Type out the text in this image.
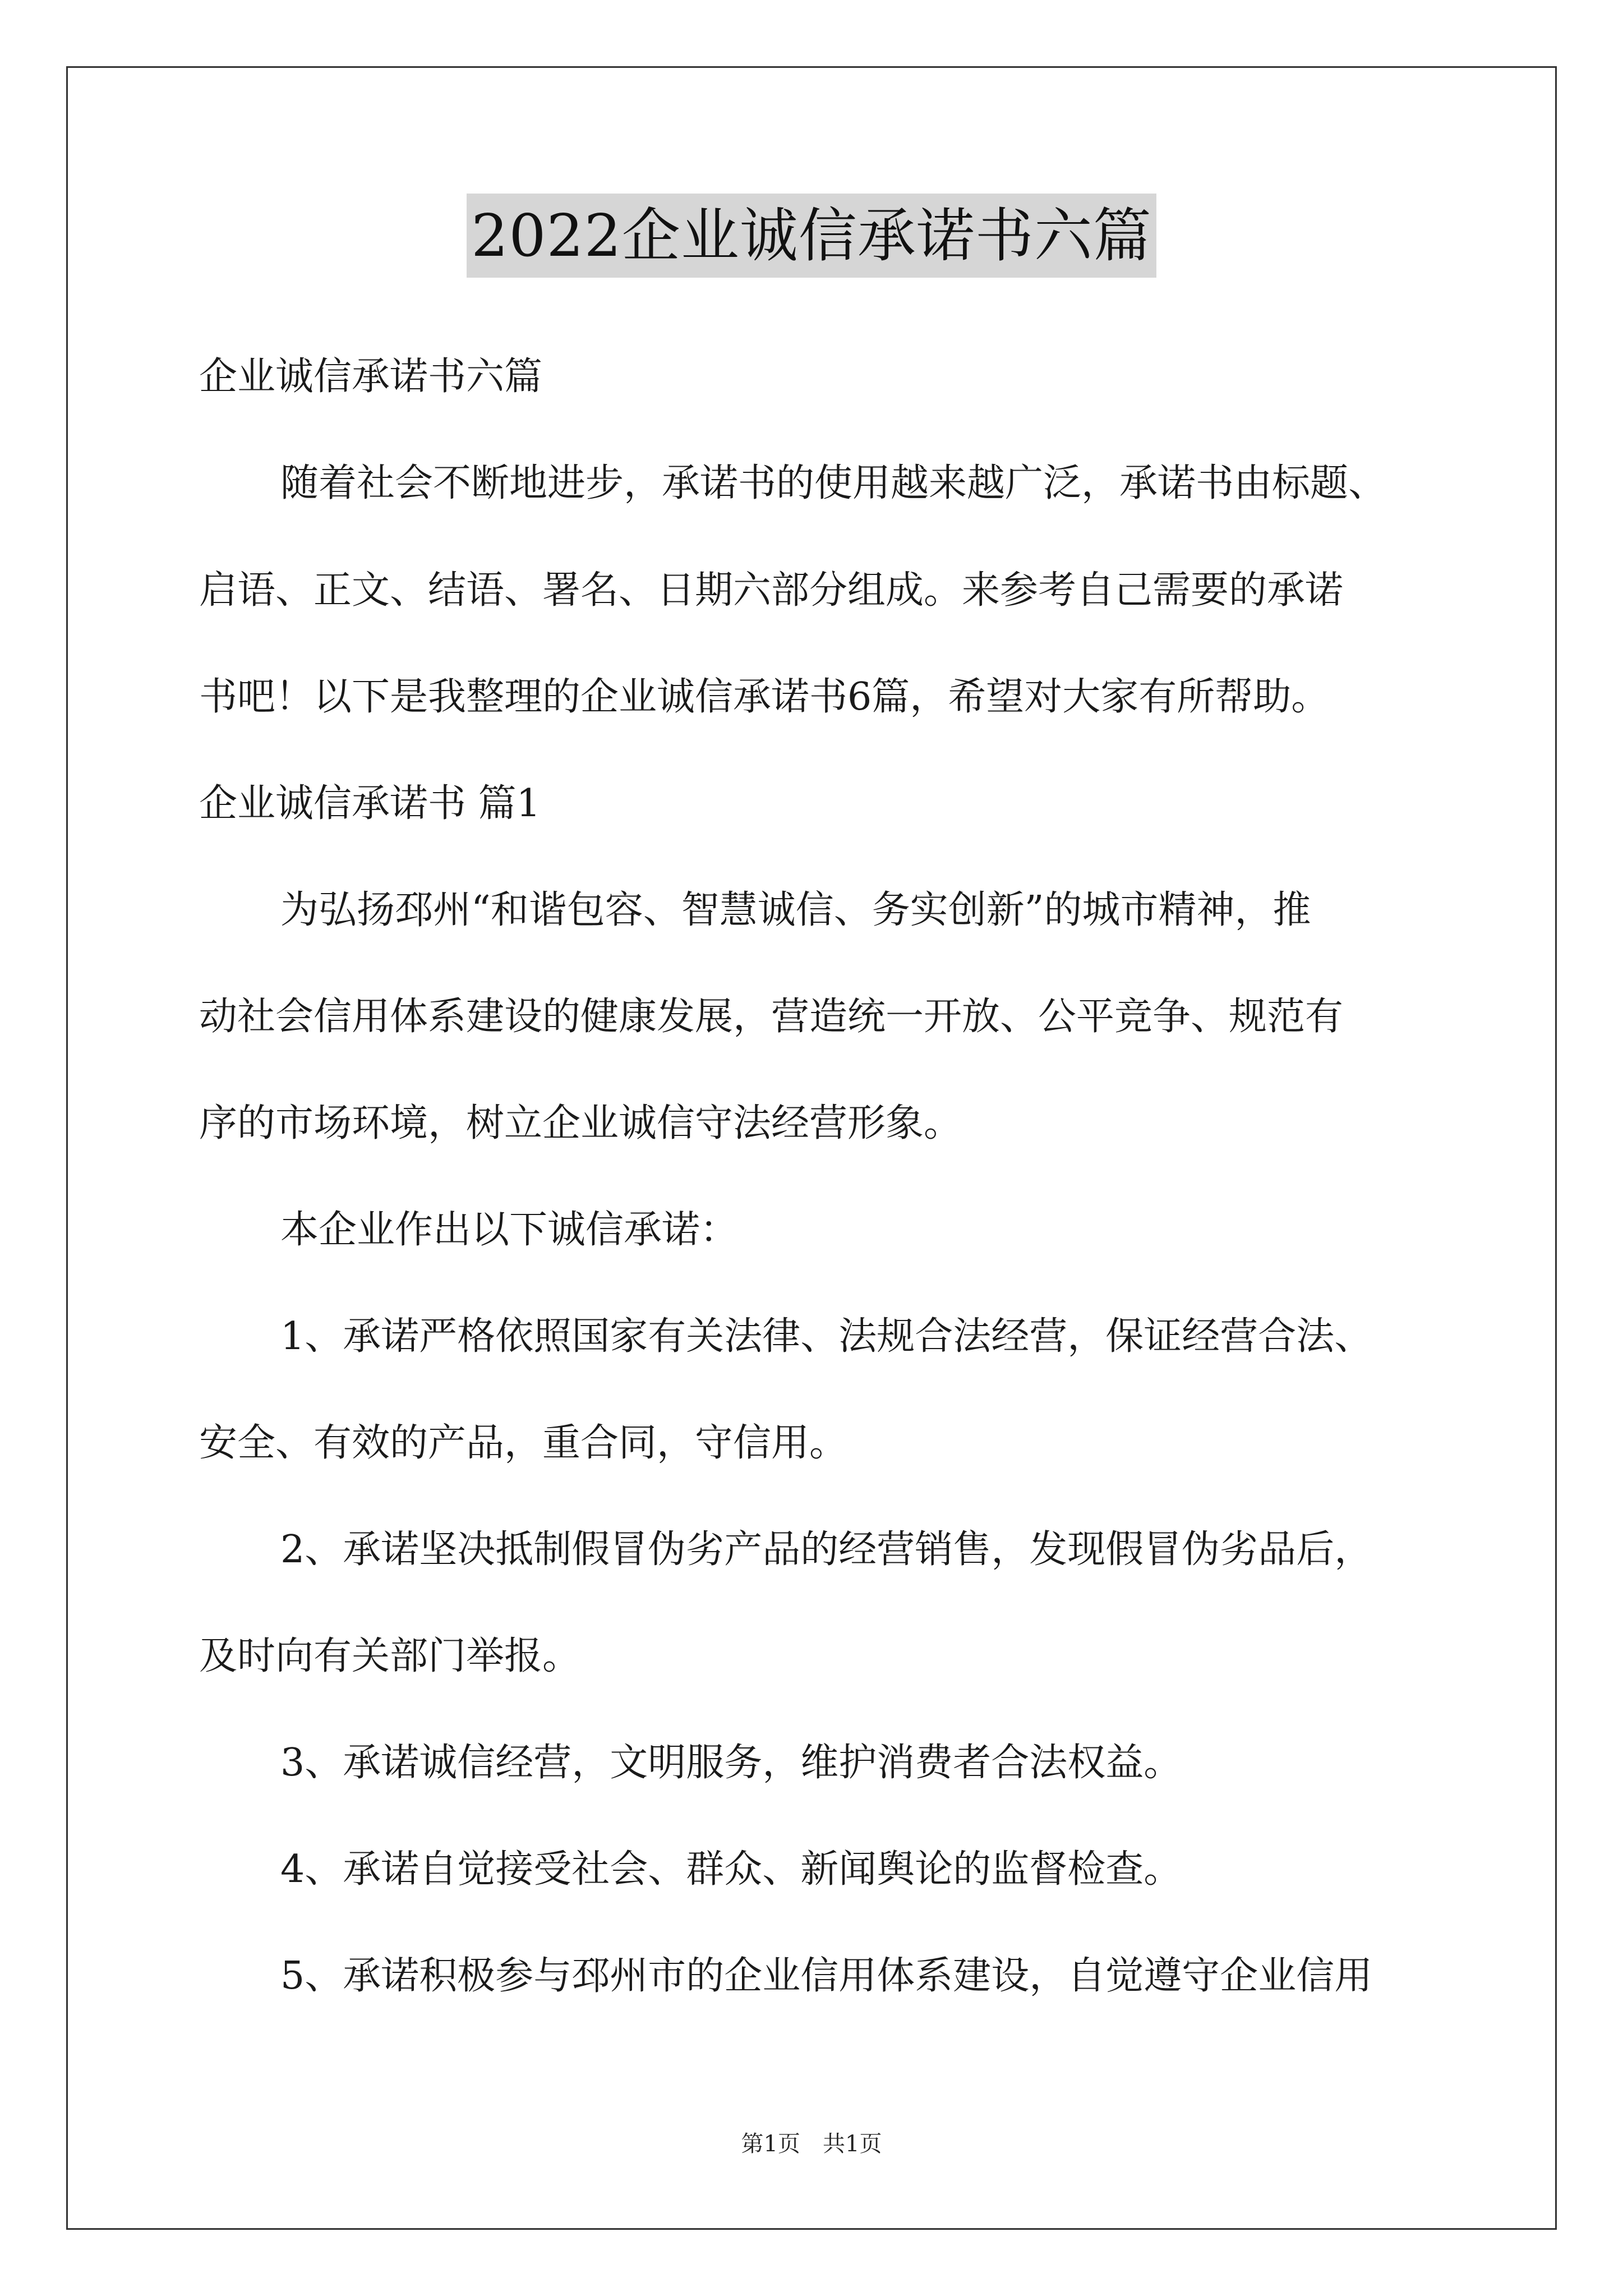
2022企业诚信承诺书六篇
企业诚信承诺书六篇
随着社会不断地进步，承诺书的使用越来越广泛，承诺书由标题、
启语、正文、结语、署名、日期六部分组成。来参考自己需要的承诺
书吧！以下是我整理的企业诚信承诺书6篇，希望对大家有所帮助。
企业诚信承诺书 篇1
为弘扬邳州“和谐包容、智慧诚信、务实创新”的城市精神，推
动社会信用体系建设的健康发展，营造统一开放、公平竞争、规范有
序的市场环境，树立企业诚信守法经营形象。
本企业作出以下诚信承诺：
1、承诺严格依照国家有关法律、法规合法经营，保证经营合法、
安全、有效的产品，重合同，守信用。
2、承诺坚决抵制假冒伪劣产品的经营销售，发现假冒伪劣品后，
及时向有关部门举报。
3、承诺诚信经营，文明服务，维护消费者合法权益。
4、承诺自觉接受社会、群众、新闻舆论的监督检查。
5、承诺积极参与邳州市的企业信用体系建设，自觉遵守企业信用
第1页　共1页
